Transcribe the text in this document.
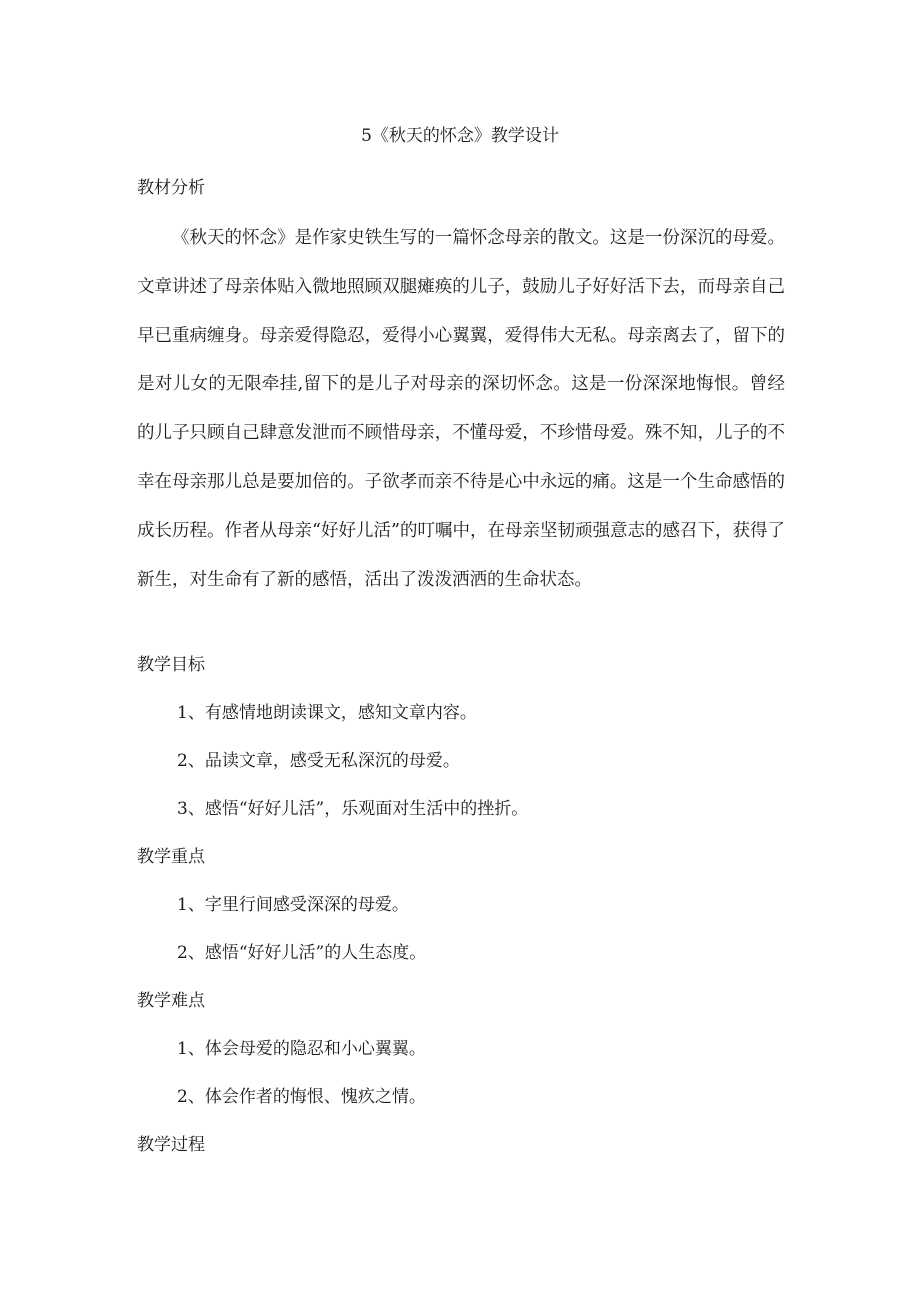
5《秋天的怀念》教学设计
教材分析

《秋天的怀念》是作家史铁生写的一篇怀念母亲的散文。这是一份深沉的母爱。文章讲述了母亲体贴入微地照顾双腿瘫痪的儿子，鼓励儿子好好活下去，而母亲自己早已重病缠身。母亲爱得隐忍，爱得小心翼翼，爱得伟大无私。母亲离去了，留下的是对儿女的无限牵挂,留下的是儿子对母亲的深切怀念。这是一份深深地悔恨。曾经的儿子只顾自己肆意发泄而不顾惜母亲，不懂母爱，不珍惜母爱。殊不知，儿子的不幸在母亲那儿总是要加倍的。子欲孝而亲不待是心中永远的痛。这是一个生命感悟的成长历程。作者从母亲“好好儿活”的叮嘱中，在母亲坚韧顽强意志的感召下，获得了新生，对生命有了新的感悟，活出了泼泼洒洒的生命状态。

教学目标
1、有感情地朗读课文，感知文章内容。
2、品读文章，感受无私深沉的母爱。
3、感悟“好好儿活”，乐观面对生活中的挫折。
教学重点
1、字里行间感受深深的母爱。
2、感悟“好好儿活”的人生态度。
教学难点
1、体会母爱的隐忍和小心翼翼。
2、体会作者的悔恨、愧疚之情。
教学过程
